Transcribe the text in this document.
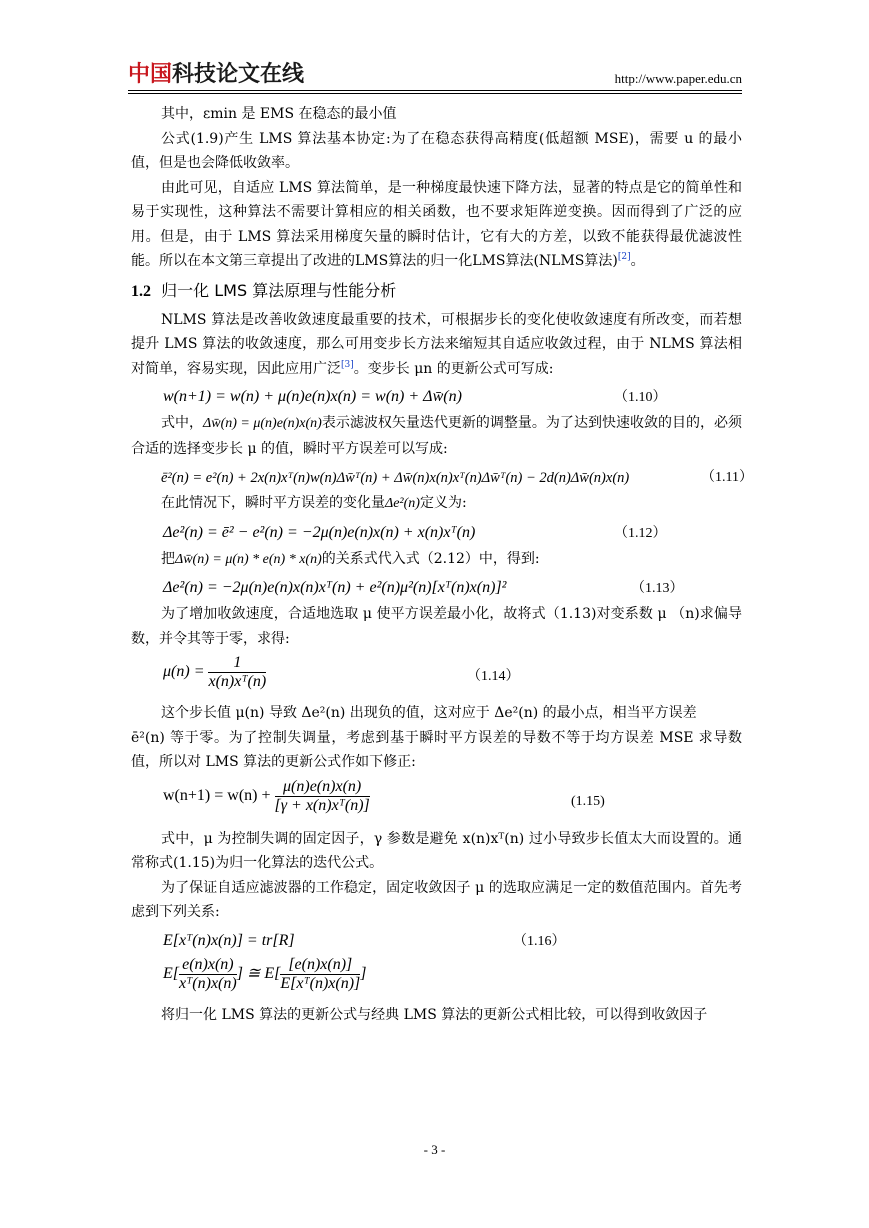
中国科技论文在线	http://www.paper.edu.cn

其中，εmin 是 EMS 在稳态的最小值

公式(1.9)产生 LMS 算法基本协定:为了在稳态获得高精度(低超额 MSE)，需要 u 的最小值，但是也会降低收敛率。

由此可见，自适应 LMS 算法简单，是一种梯度最快速下降方法，显著的特点是它的简单性和易于实现性，这种算法不需要计算相应的相关函数，也不要求矩阵逆变换。因而得到了广泛的应用。但是，由于 LMS 算法采用梯度矢量的瞬时估计，它有大的方差，以致不能获得最优滤波性能。所以在本文第三章提出了改进的LMS算法的归一化LMS算法(NLMS算法)[2]。

1.2 归一化 LMS 算法原理与性能分析

NLMS 算法是改善收敛速度最重要的技术，可根据步长的变化使收敛速度有所改变，而若想提升 LMS 算法的收敛速度，那么可用变步长方法来缩短其自适应收敛过程，由于 NLMS 算法相对简单，容易实现，因此应用广泛[3]。变步长 μn 的更新公式可写成:

w(n+1) = w(n) + μ(n)e(n)x(n) = w(n) + Δw̄(n)	（1.10）

式中，Δw̄(n) = μ(n)e(n)x(n)表示滤波权矢量迭代更新的调整量。为了达到快速收敛的目的，必须合适的选择变步长 μ 的值，瞬时平方误差可以写成:

ē²(n) = e²(n) + 2x(n)xᵀ(n)w(n)Δw̄ᵀ(n) + Δw̄(n)x(n)xᵀ(n)Δw̄ᵀ(n) − 2d(n)Δw̄(n)x(n)	（1.11）

在此情况下，瞬时平方误差的变化量Δe²(n)定义为:

Δe²(n) = ē² − e²(n) = −2μ(n)e(n)x(n) + x(n)xᵀ(n)	（1.12）

把Δw̄(n) = μ(n) * e(n) * x(n)的关系式代入式（2.12）中，得到:

Δe²(n) = −2μ(n)e(n)x(n)xᵀ(n) + e²(n)μ²(n)[xᵀ(n)x(n)]²	（1.13）

为了增加收敛速度，合适地选取 μ 使平方误差最小化，故将式（1.13)对变系数 μ （n)求偏导数，并令其等于零，求得:

$\mu(n) = \frac{1}{\text{x(n)xᵀ(n)}}$	（1.14）

这个步长值 μ(n) 导致 Δe²(n) 出现负的值，这对应于 Δe²(n) 的最小点，相当平方误差

ē²(n) 等于零。为了控制失调量，考虑到基于瞬时平方误差的导数不等于均方误差 MSE 求导数值，所以对 LMS 算法的更新公式作如下修正:

$w(n+1) = w(n) + \frac{\mu(n)e(n)x(n)}{\text{[γ + x(n)xᵀ(n)]}}$	(1.15)

式中，μ 为控制失调的固定因子，γ 参数是避免 x(n)xᵀ(n) 过小导致步长值太大而设置的。通常称式(1.15)为归一化算法的迭代公式。

为了保证自适应滤波器的工作稳定，固定收敛因子 μ 的选取应满足一定的数值范围内。首先考虑到下列关系:

E[xᵀ(n)x(n)] = tr[R]	（1.16）
$E[ \frac{e(n)x(n)}{\text{xᵀ(n)x(n)}}$ ] ≅ $E[ \frac{[e(n)x(n)]}{\text{E[xᵀ(n)x(n)]}}$ ]

将归一化 LMS 算法的更新公式与经典 LMS 算法的更新公式相比较，可以得到收敛因子

- 3 -
